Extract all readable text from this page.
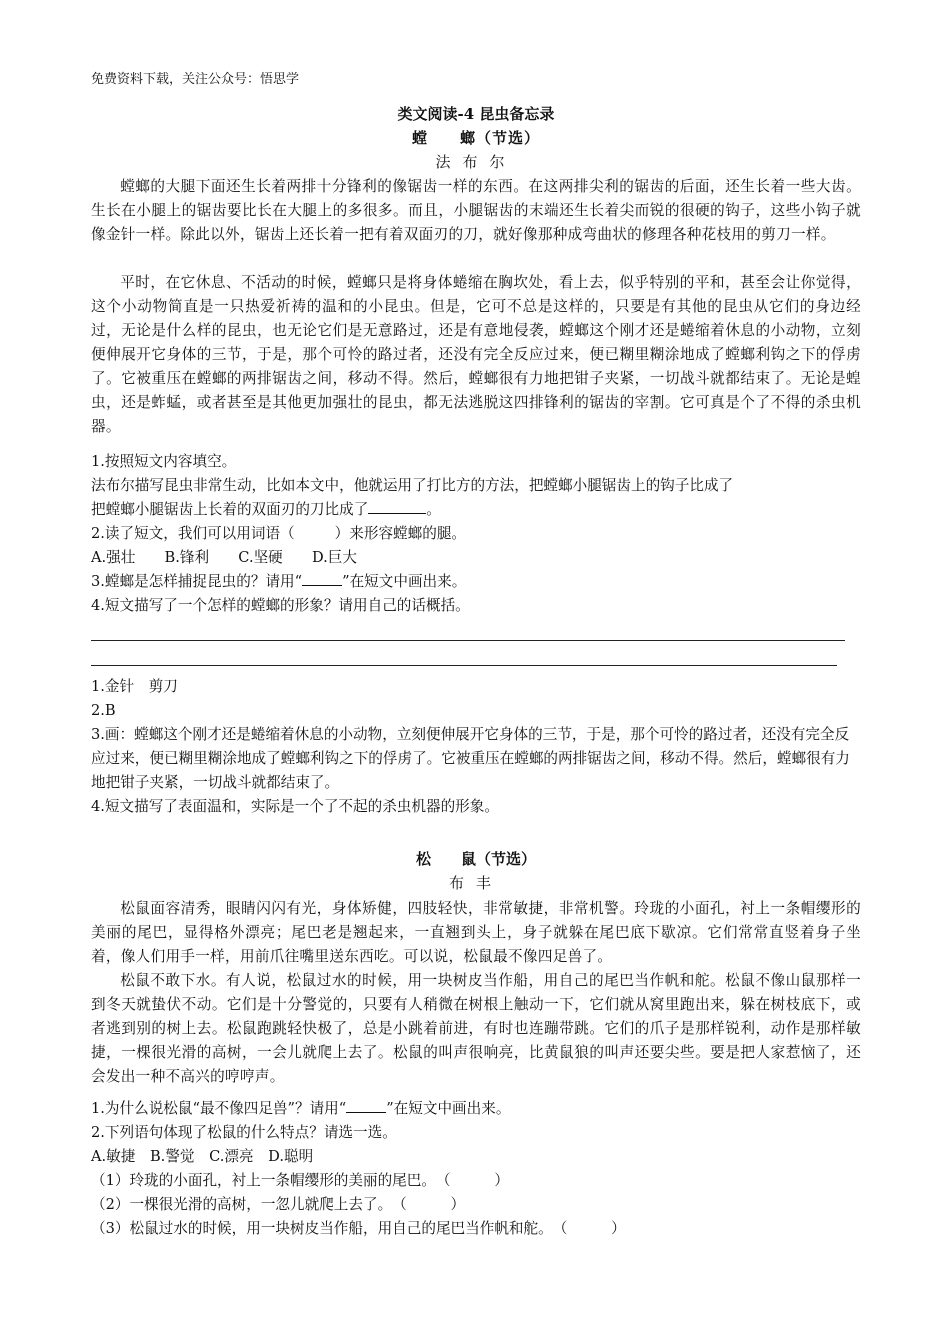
免费资料下载，关注公众号：悟思学
类文阅读-4 昆虫备忘录
螳　　螂（节选）
法布尔

螳螂的大腿下面还生长着两排十分锋利的像锯齿一样的东西。在这两排尖利的锯齿的后面，还生长着一些大齿。生长在小腿上的锯齿要比长在大腿上的多很多。而且，小腿锯齿的末端还生长着尖而锐的很硬的钩子，这些小钩子就像金针一样。除此以外，锯齿上还长着一把有着双面刃的刀，就好像那种成弯曲状的修理各种花枝用的剪刀一样。

平时，在它休息、不活动的时候，螳螂只是将身体蜷缩在胸坎处，看上去，似乎特别的平和，甚至会让你觉得，这个小动物简直是一只热爱祈祷的温和的小昆虫。但是，它可不总是这样的，只要是有其他的昆虫从它们的身边经过，无论是什么样的昆虫，也无论它们是无意路过，还是有意地侵袭，螳螂这个刚才还是蜷缩着休息的小动物，立刻便伸展开它身体的三节，于是，那个可怜的路过者，还没有完全反应过来，便已糊里糊涂地成了螳螂利钩之下的俘虏了。它被重压在螳螂的两排锯齿之间，移动不得。然后，螳螂很有力地把钳子夹紧，一切战斗就都结束了。无论是蝗虫，还是蚱蜢，或者甚至是其他更加强壮的昆虫，都无法逃脱这四排锋利的锯齿的宰割。它可真是个了不得的杀虫机器。

1.按照短文内容填空。

法布尔描写昆虫非常生动，比如本文中，他就运用了打比方的方法，把螳螂小腿锯齿上的钩子比成了

把螳螂小腿锯齿上长着的双面刃的刀比成了	。

2.读了短文，我们可以用词语（	）来形容螳螂的腿。

A.强壮　　B.锋利　　C.坚硬　　D.巨大

3.螳螂是怎样捕捉昆虫的？请用“	”在短文中画出来。

4.短文描写了一个怎样的螳螂的形象？请用自己的话概括。

1.金针　剪刀

2.B

3.画：螳螂这个刚才还是蜷缩着休息的小动物，立刻便伸展开它身体的三节，于是，那个可怜的路过者，还没有完全反应过来，便已糊里糊涂地成了螳螂利钩之下的俘虏了。它被重压在螳螂的两排锯齿之间，移动不得。然后，螳螂很有力地把钳子夹紧，一切战斗就都结束了。

4.短文描写了表面温和，实际是一个了不起的杀虫机器的形象。

松　　鼠（节选）
布丰

松鼠面容清秀，眼睛闪闪有光，身体矫健，四肢轻快，非常敏捷，非常机警。玲珑的小面孔，衬上一条帽缨形的美丽的尾巴，显得格外漂亮；尾巴老是翘起来，一直翘到头上，身子就躲在尾巴底下歇凉。它们常常直竖着身子坐着，像人们用手一样，用前爪往嘴里送东西吃。可以说，松鼠最不像四足兽了。

松鼠不敢下水。有人说，松鼠过水的时候，用一块树皮当作船，用自己的尾巴当作帆和舵。松鼠不像山鼠那样一到冬天就蛰伏不动。它们是十分警觉的，只要有人稍微在树根上触动一下，它们就从窝里跑出来，躲在树枝底下，或者逃到别的树上去。松鼠跑跳轻快极了，总是小跳着前进，有时也连蹦带跳。它们的爪子是那样锐利，动作是那样敏捷，一棵很光滑的高树，一会儿就爬上去了。松鼠的叫声很响亮，比黄鼠狼的叫声还要尖些。要是把人家惹恼了，还会发出一种不高兴的哼哼声。

1.为什么说松鼠“最不像四足兽”？请用“	”在短文中画出来。

2.下列语句体现了松鼠的什么特点？请选一选。

A.敏捷　B.警觉　C.漂亮　D.聪明

（1）玲珑的小面孔，衬上一条帽缨形的美丽的尾巴。　（　　　）

（2）一棵很光滑的高树，一忽儿就爬上去了。　（　　　）

（3）松鼠过水的时候，用一块树皮当作船，用自己的尾巴当作帆和舵。　（　　　）
